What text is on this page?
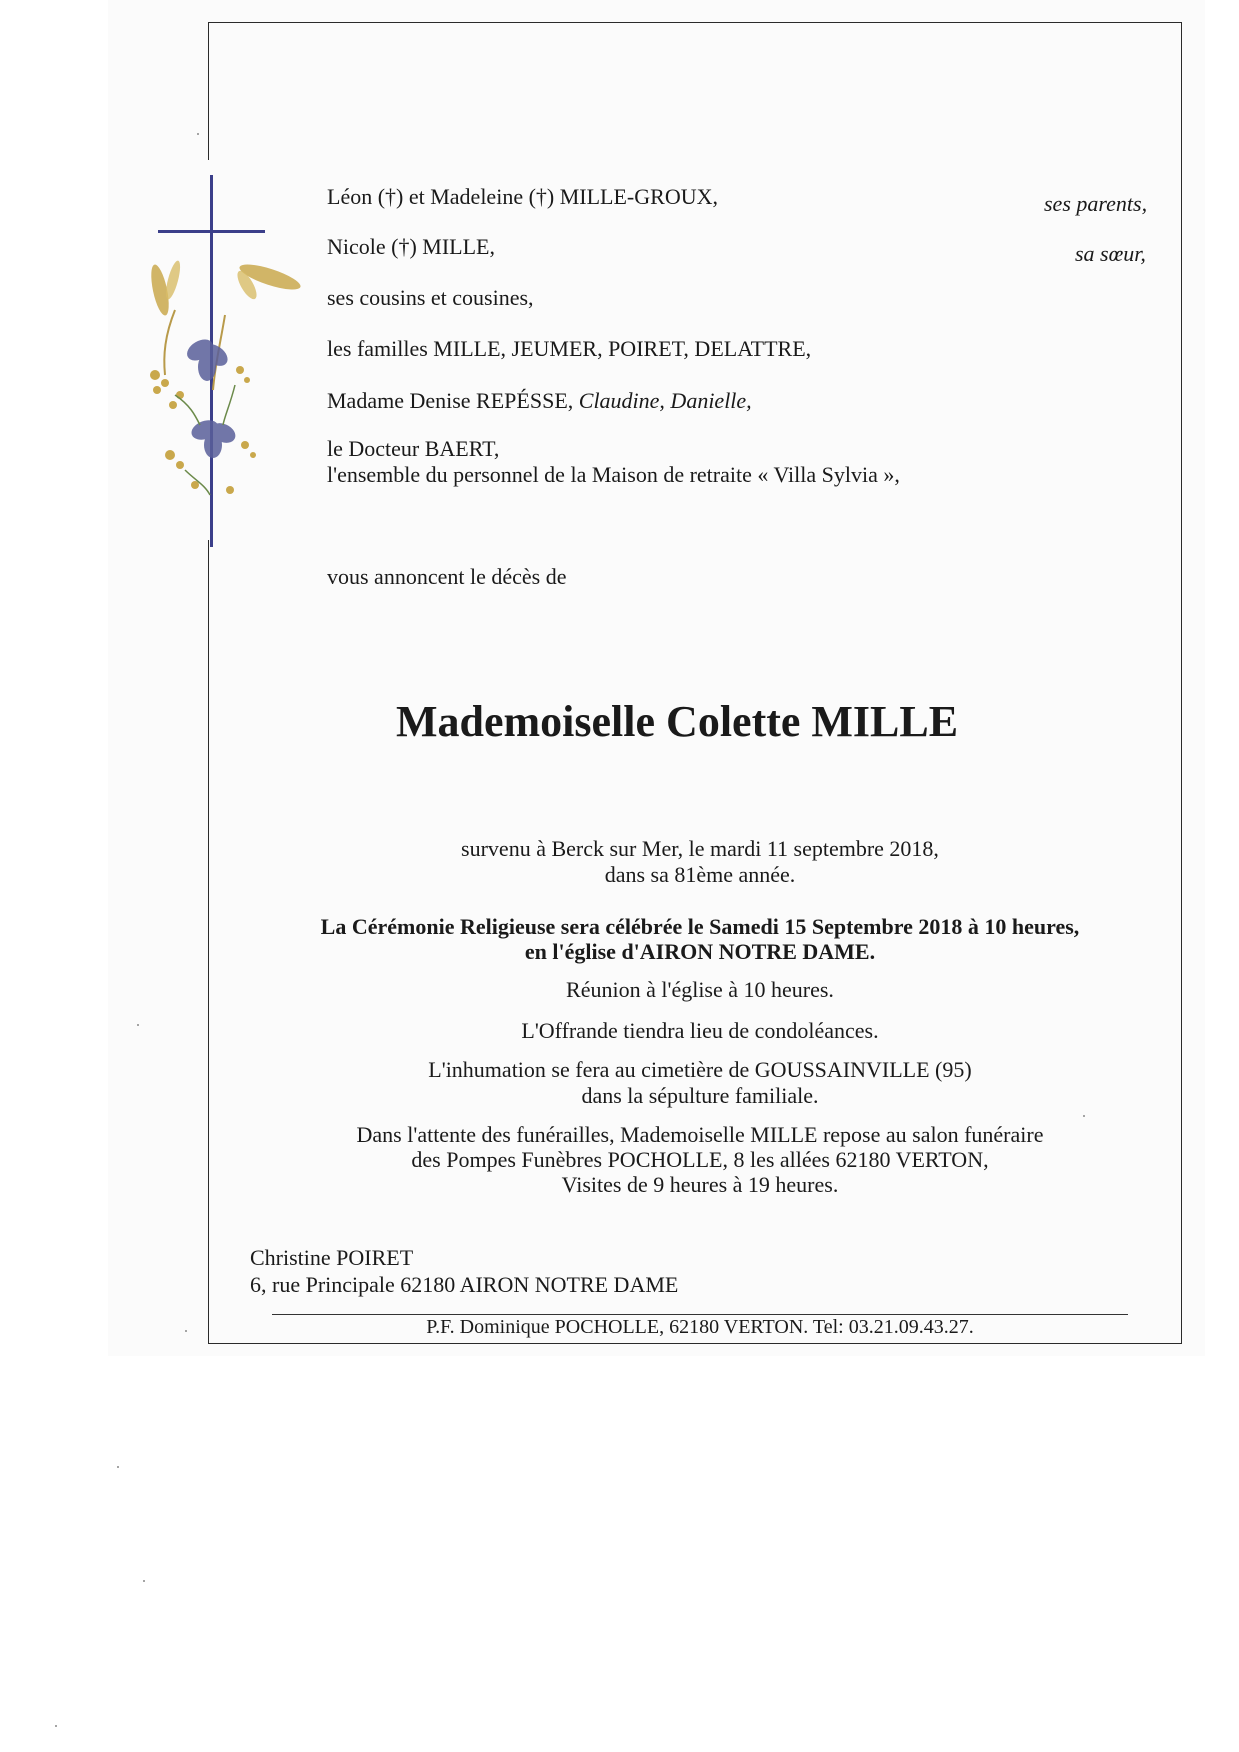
Léon (†) et Madeleine (†) MILLE-GROUX,	ses parents,
Nicole (†) MILLE,	sa sœur,
ses cousins et cousines,
les familles MILLE, JEUMER, POIRET, DELATTRE,
Madame Denise REPÉSSE, Claudine, Danielle,
le Docteur BAERT,
l'ensemble du personnel de la Maison de retraite « Villa Sylvia »,
vous annoncent le décès de
Mademoiselle Colette MILLE
survenu à Berck sur Mer, le mardi 11 septembre 2018,
dans sa 81ème année.
La Cérémonie Religieuse sera célébrée le Samedi 15 Septembre 2018 à 10 heures,
en l'église d'AIRON NOTRE DAME.
Réunion à l'église à 10 heures.
L'Offrande tiendra lieu de condoléances.
L'inhumation se fera au cimetière de GOUSSAINVILLE (95)
dans la sépulture familiale.
Dans l'attente des funérailles, Mademoiselle MILLE repose au salon funéraire
des Pompes Funèbres POCHOLLE, 8 les allées 62180 VERTON,
Visites de 9 heures à 19 heures.
Christine POIRET
6, rue Principale 62180 AIRON NOTRE DAME
P.F. Dominique POCHOLLE, 62180 VERTON. Tel: 03.21.09.43.27.
